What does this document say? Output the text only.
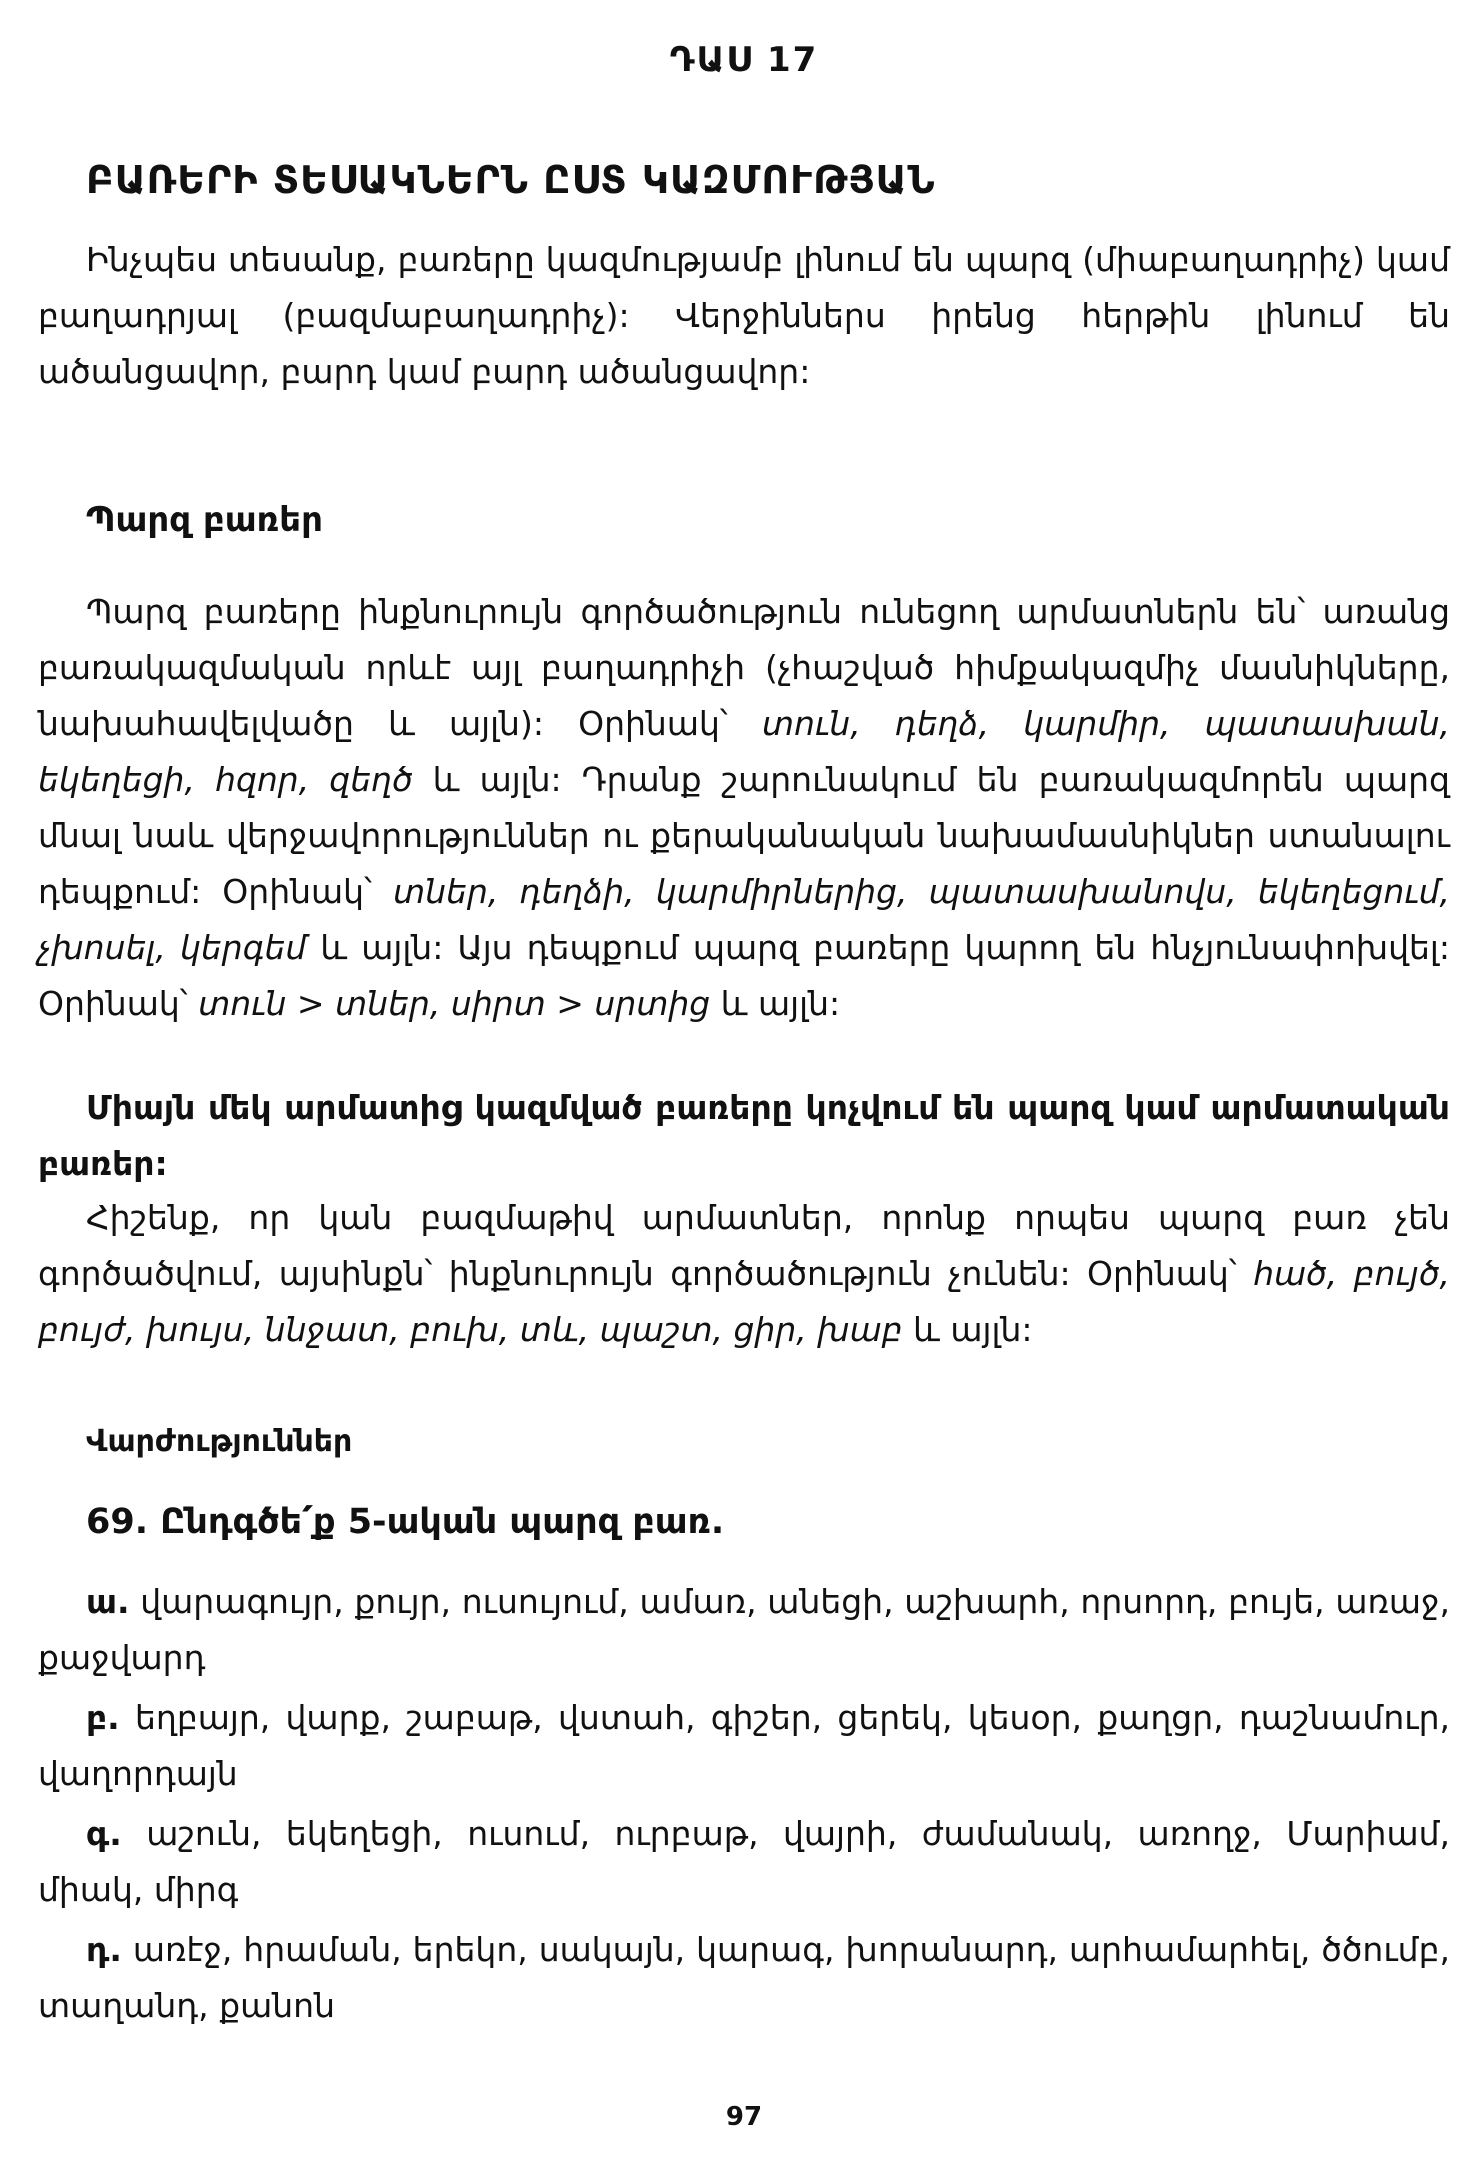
ԴԱՍ 17
ԲԱՌԵՐԻ ՏԵՍԱԿՆԵՐՆ ԸՍՏ ԿԱԶՄՈՒԹՅԱՆ

Ինչպես տեսանք, բառերը կազմությամբ լինում են պարզ (միաբաղադրիչ) կամ բաղադրյալ (բազմաբաղադրիչ): Վերջիններս իրենց հերթին լինում են ածանցավոր, բարդ կամ բարդ ածանցավոր:

Պարզ բառեր

Պարզ բառերը ինքնուրույն գործածություն ունեցող արմատներն են՝ առանց բառակազմական որևէ այլ բաղադրիչի (չհաշված հիմքակազմիչ մասնիկները, նախահավելվածը և այլն): Օրինակ՝ տուն, դեղձ, կարմիր, պատասխան, եկեղեցի, հզոր, զեղծ և այլն: Դրանք շարունակում են բառակազմորեն պարզ մնալ նաև վերջավորություններ ու քերականական նախամասնիկներ ստանալու դեպքում: Օրինակ՝ տներ, դեղձի, կարմիրներից, պատասխանովս, եկեղեցում, չխոսել, կերգեմ և այլն: Այս դեպքում պարզ բառերը կարող են հնչյունափոխվել: Օրինակ՝ տուն > տներ, սիրտ > սրտից և այլն:

Միայն մեկ արմատից կազմված բառերը կոչվում են պարզ կամ արմատական բառեր:

Հիշենք, որ կան բազմաթիվ արմատներ, որոնք որպես պարզ բառ չեն գործածվում, այսինքն՝ ինքնուրույն գործածություն չունեն: Օրինակ՝ հած, բույծ, բույժ, խույս, ննջատ, բուխ, տև, պաշտ, ցիր, խաբ և այլն:

Վարժություններ
69. Ընդգծե՛ք 5-ական պարզ բառ.

ա. վարագույր, քույր, ուսույում, ամառ, անեցի, աշխարհ, որսորդ, բույե, առաջ, քաջվարդ

բ. եղբայր, վարք, շաբաթ, վստահ, գիշեր, ցերեկ, կեսօր, քաղցր, դաշնամուր, վաղորդայն

գ. աշուն, եկեղեցի, ուսում, ուրբաթ, վայրի, ժամանակ, առողջ, Մարիամ, միակ, միրգ

դ. առէջ, հրաման, երեկո, սակայն, կարագ, խորանարդ, արհամարհել, ծծումբ, տաղանդ, քանոն

97
